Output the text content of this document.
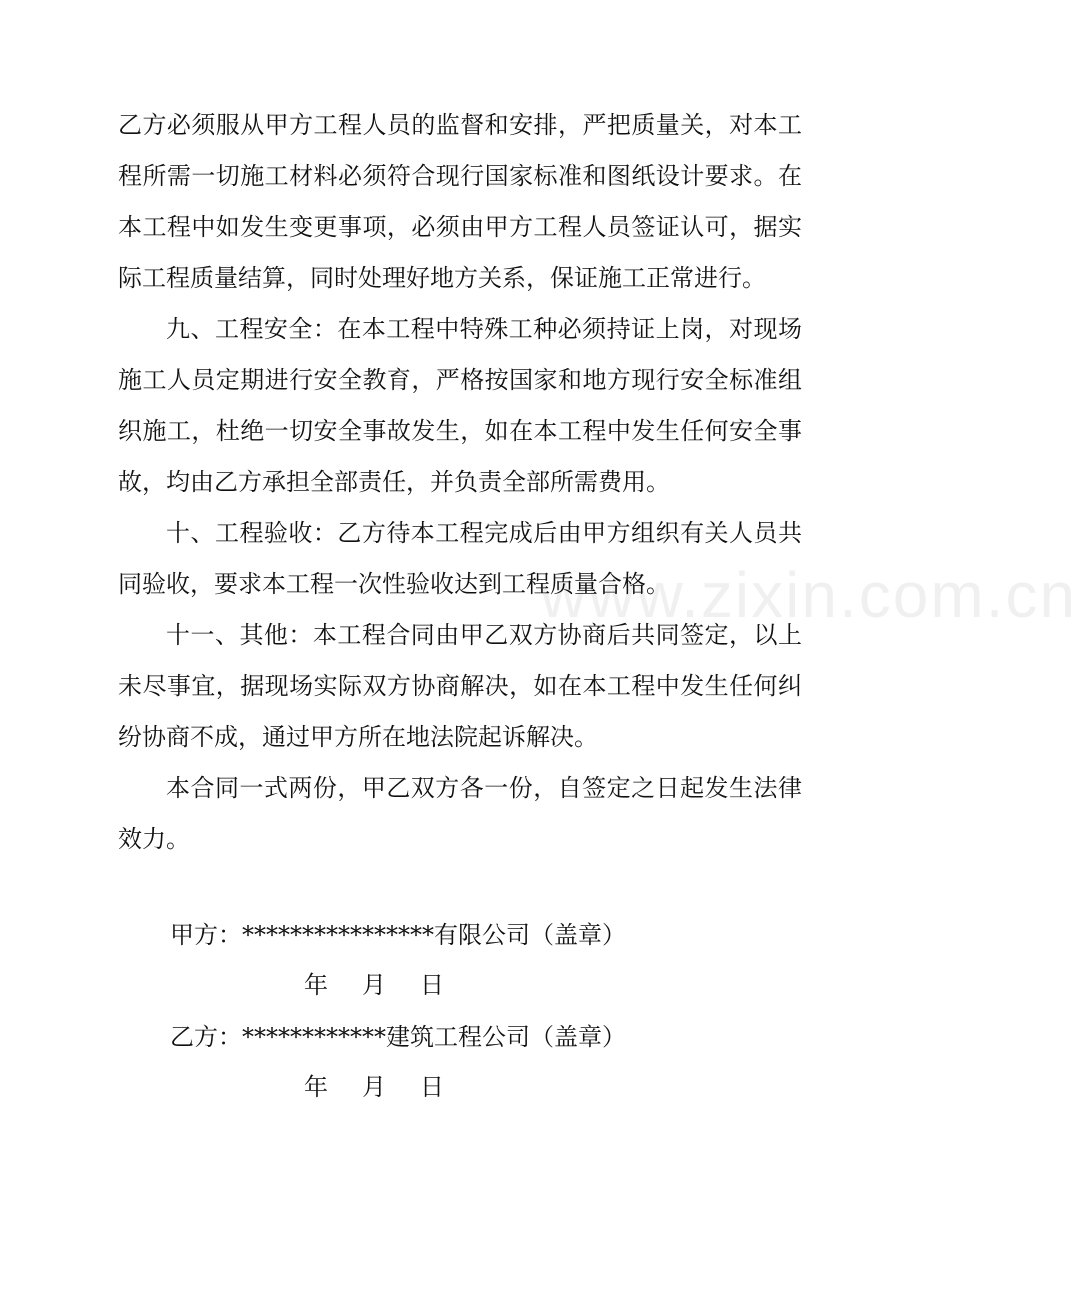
www.zixin.com.cn

乙方必须服从甲方工程人员的监督和安排，严把质量关，对本工程所需一切施工材料必须符合现行国家标准和图纸设计要求。在本工程中如发生变更事项，必须由甲方工程人员签证认可，据实际工程质量结算，同时处理好地方关系，保证施工正常进行。

九、工程安全：在本工程中特殊工种必须持证上岗，对现场施工人员定期进行安全教育，严格按国家和地方现行安全标准组织施工，杜绝一切安全事故发生，如在本工程中发生任何安全事故，均由乙方承担全部责任，并负责全部所需费用。

十、工程验收：乙方待本工程完成后由甲方组织有关人员共同验收，要求本工程一次性验收达到工程质量合格。

十一、其他：本工程合同由甲乙双方协商后共同签定，以上未尽事宜，据现场实际双方协商解决，如在本工程中发生任何纠纷协商不成，通过甲方所在地法院起诉解决。

本合同一式两份，甲乙双方各一份，自签定之日起发生法律效力。

甲方：****************有限公司（盖章）
年 月 日
乙方：************建筑工程公司（盖章）
年 月 日
